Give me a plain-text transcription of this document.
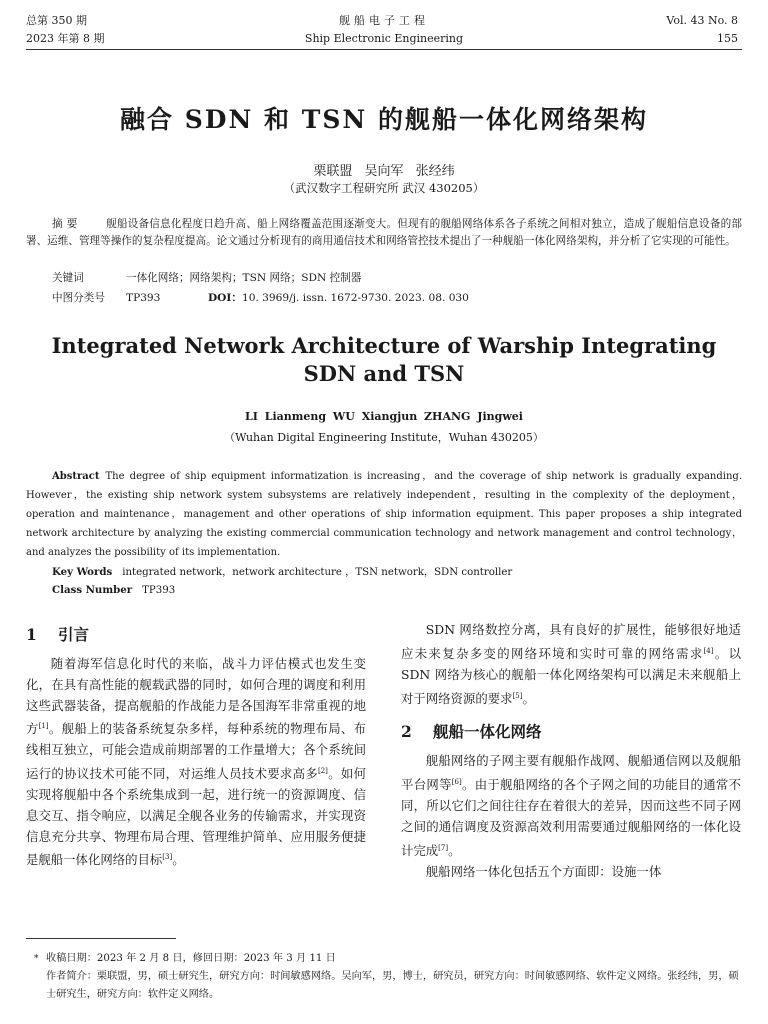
总第 350 期
2023 年第 8 期
舰船电子工程
Ship Electronic Engineering
Vol. 43 No. 8
155
融合 SDN 和 TSN 的舰船一体化网络架构
栗联盟 吴向军 张经纬
（武汉数字工程研究所 武汉 430205）
摘要 舰船设备信息化程度日趋升高、船上网络覆盖范围逐渐变大。但现有的舰船网络体系各子系统之间相对独立，造成了舰船信息设备的部署、运维、管理等操作的复杂程度提高。论文通过分析现有的商用通信技术和网络管控技术提出了一种舰船一体化网络架构，并分析了它实现的可能性。
关键词	一体化网络；网络架构；TSN 网络；SDN 控制器
中图分类号 TP393	DOI：10. 3969/j. issn. 1672-9730. 2023. 08. 030
Integrated Network Architecture of Warship Integrating SDN and TSN
LI Lianmeng WU Xiangjun ZHANG Jingwei
（Wuhan Digital Engineering Institute，Wuhan 430205）
Abstract The degree of ship equipment informatization is increasing，and the coverage of ship network is gradually expanding. However，the existing ship network system subsystems are relatively independent，resulting in the complexity of the deployment，operation and maintenance，management and other operations of ship information equipment. This paper proposes a ship integrated network architecture by analyzing the existing commercial communication technology and network management and control technology，and analyzes the possibility of its implementation.
Key Words integrated network，network architecture ，TSN network，SDN controller
Class Number TP393
1 引言

随着海军信息化时代的来临，战斗力评估模式也发生变化，在具有高性能的舰载武器的同时，如何合理的调度和利用这些武器装备，提高舰船的作战能力是各国海军非常重视的地方[1]。舰船上的装备系统复杂多样，每种系统的物理布局、布线相互独立，可能会造成前期部署的工作量增大；各个系统间运行的协议技术可能不同，对运维人员技术要求高多[2]。如何实现将舰船中各个系统集成到一起，进行统一的资源调度、信息交互、指令响应，以满足全舰各业务的传输需求，并实现资信息充分共享、物理布局合理、管理维护简单、应用服务便捷是舰船一体化网络的目标[3]。

SDN 网络数控分离，具有良好的扩展性，能够很好地适应未来复杂多变的网络环境和实时可靠的网络需求[4]。以 SDN 网络为核心的舰船一体化网络架构可以满足未来舰船上对于网络资源的要求[5]。

2 舰船一体化网络

舰船网络的子网主要有舰船作战网、舰船通信网以及舰船平台网等[6]。由于舰船网络的各个子网之间的功能目的通常不同，所以它们之间往往存在着很大的差异，因而这些不同子网之间的通信调度及资源高效利用需要通过舰船网络的一体化设计完成[7]。

舰船网络一体化包括五个方面即：设施一体

* 收稿日期：2023 年 2 月 8 日，修回日期：2023 年 3 月 11 日
作者简介：栗联盟，男，硕士研究生，研究方向：时间敏感网络。吴向军，男，博士，研究员，研究方向：时间敏感网络、软件定义网络。张经纬，男，硕士研究生，研究方向：软件定义网络。
